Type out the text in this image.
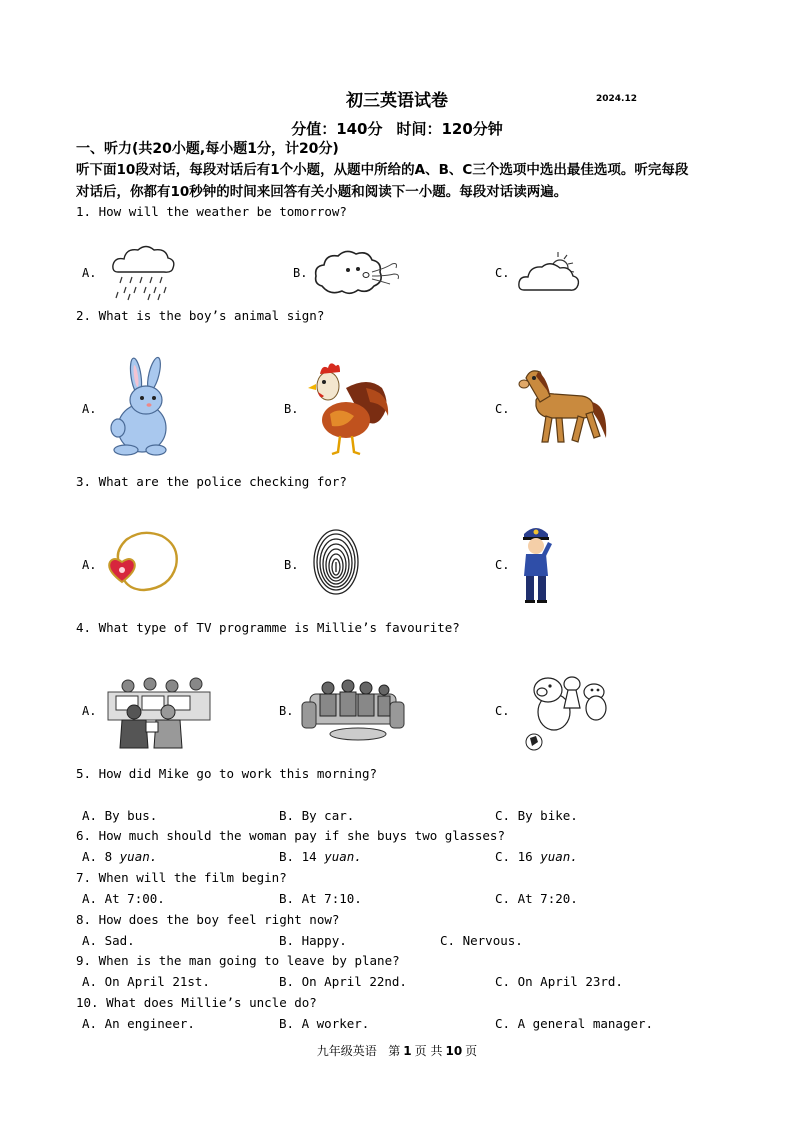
初三英语试卷	2024.12
分值：140分 时间：120分钟
一、听力(共20小题,每小题1分，计20分)
听下面10段对话，每段对话后有1个小题，从题中所给的A、B、C三个选项中选出最佳选项。听完每段
对话后，你都有10秒钟的时间来回答有关小题和阅读下一小题。每段对话读两遍。
1. How will the weather be tomorrow?
A.	B.	C.
2. What is the boy’s animal sign?
A.	B.	C.
3. What are the police checking for?
A.	B.	C.
4. What type of TV programme is Millie’s favourite?
A.	B.	C.
5. How did Mike go to work this morning?
A. By bus.	B. By car.	C. By bike.
6. How much should the woman pay if she buys two glasses?
A. 8 yuan.	B. 14 yuan.	C. 16 yuan.
7. When will the film begin?
A. At 7:00.	B. At 7:10.	C. At 7:20.
8. How does the boy feel right now?
A. Sad.	B. Happy.	C. Nervous.
9. When is the man going to leave by plane?
A. On April 21st.	B. On April 22nd.	C. On April 23rd.
10. What does Millie’s uncle do?
A. An engineer.	B. A worker.	C. A general manager.
九年级英语 第 1 页 共 10 页
